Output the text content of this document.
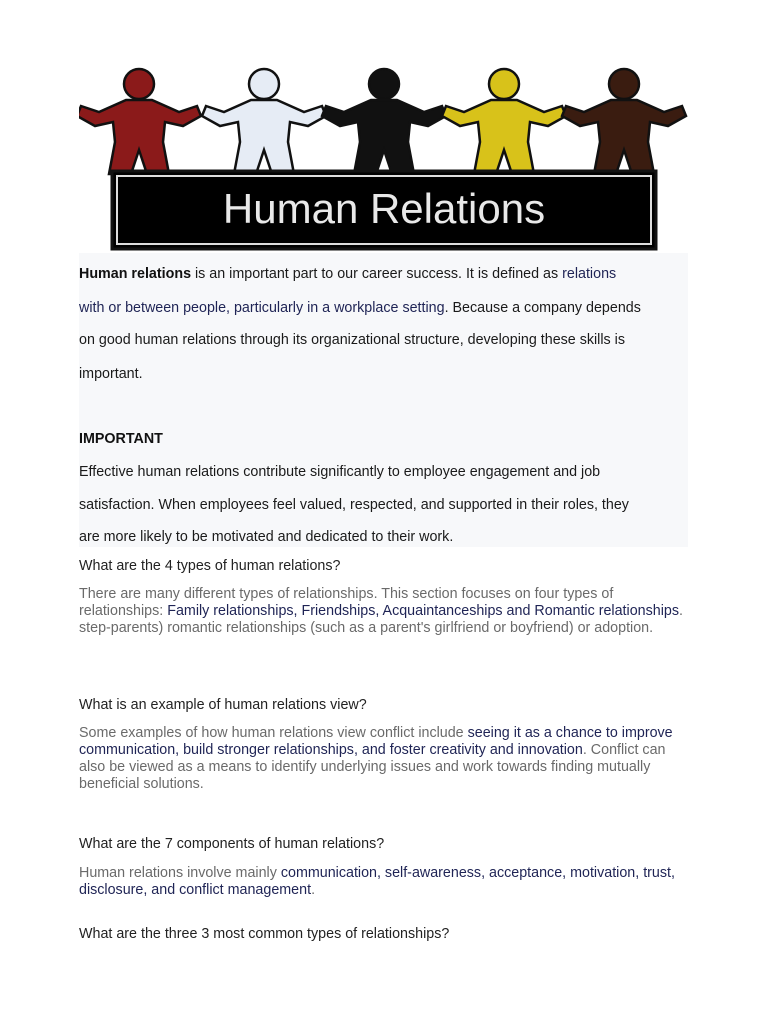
Human Relations
Human relations is an important part to our career success. It is defined as relations
with or between people, particularly in a workplace setting. Because a company depends
on good human relations through its organizational structure, developing these skills is
important.
IMPORTANT
Effective human relations contribute significantly to employee engagement and job
satisfaction. When employees feel valued, respected, and supported in their roles, they
are more likely to be motivated and dedicated to their work.
What are the 4 types of human relations?
There are many different types of relationships. This section focuses on four types of relationships: Family relationships, Friendships, Acquaintanceships and Romantic relationships. step-parents) romantic relationships (such as a parent's girlfriend or boyfriend) or adoption.
What is an example of human relations view?
Some examples of how human relations view conflict include seeing it as a chance to improve communication, build stronger relationships, and foster creativity and innovation. Conflict can also be viewed as a means to identify underlying issues and work towards finding mutually beneficial solutions.
What are the 7 components of human relations?
Human relations involve mainly communication, self-awareness, acceptance, motivation, trust, disclosure, and conflict management.
What are the three 3 most common types of relationships?
